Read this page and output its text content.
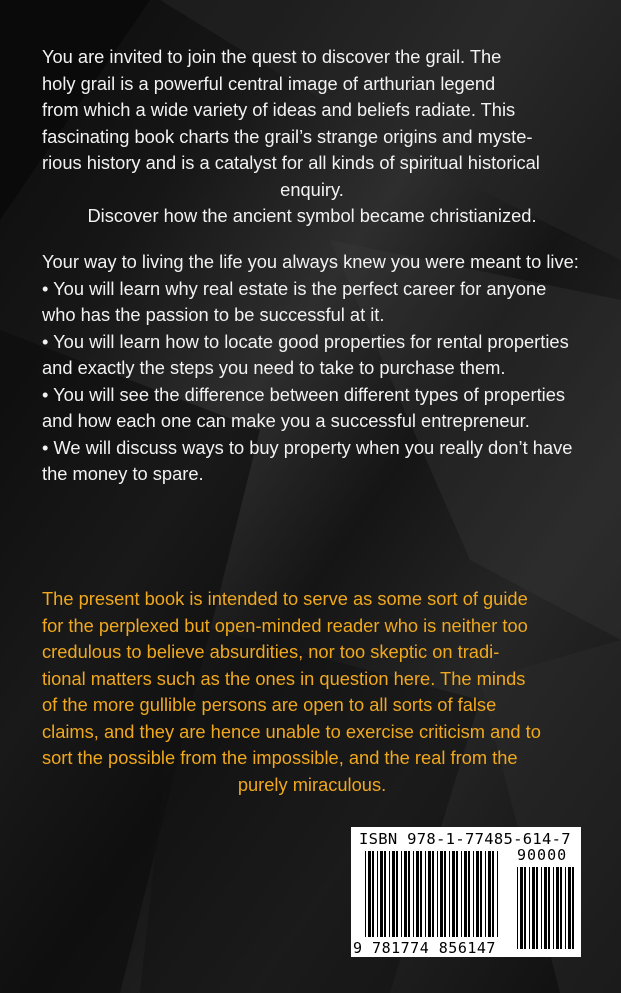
You are invited to join the quest to discover the grail. The
holy grail is a powerful central image of arthurian legend
from which a wide variety of ideas and beliefs radiate. This
fascinating book charts the grail’s strange origins and myste-
rious history and is a catalyst for all kinds of spiritual historical
enquiry.
Discover how the ancient symbol became christianized.
Your way to living the life you always knew you were meant to live:
• You will learn why real estate is the perfect career for anyone who has the passion to be successful at it.
• You will learn how to locate good properties for rental properties and exactly the steps you need to take to purchase them.
• You will see the difference between different types of properties and how each one can make you a successful entrepreneur.
• We will discuss ways to buy property when you really don’t have the money to spare.
The present book is intended to serve as some sort of guide
for the perplexed but open-minded reader who is neither too
credulous to believe absurdities, nor too skeptic on tradi-
tional matters such as the ones in question here. The minds
of the more gullible persons are open to all sorts of false
claims, and they are hence unable to exercise criticism and to
sort the possible from the impossible, and the real from the
purely miraculous.
ISBN 978-1-77485-614-7
90000
9 781774 856147
